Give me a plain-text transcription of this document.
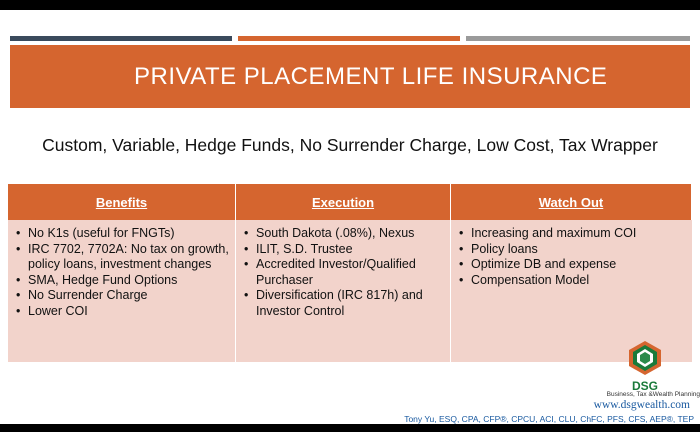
PRIVATE PLACEMENT LIFE INSURANCE
Custom, Variable, Hedge Funds, No Surrender Charge, Low Cost, Tax Wrapper
Benefits	Execution	Watch Out
• No K1s (useful for FNGTs)
• IRC 7702, 7702A: No tax on growth, policy loans, investment changes
• SMA, Hedge Fund Options
• No Surrender Charge
• Lower COI
• South Dakota (.08%), Nexus
• ILIT, S.D. Trustee
• Accredited Investor/Qualified Purchaser
• Diversification (IRC 817h) and Investor Control
• Increasing and maximum COI
• Policy loans
• Optimize DB and expense
• Compensation Model
DSG
Business, Tax &Wealth Planning
www.dsgwealth.com
Tony Yu, ESQ, CPA, CFP®, CPCU, ACI, CLU, ChFC, PFS, CFS, AEP®, TEP
